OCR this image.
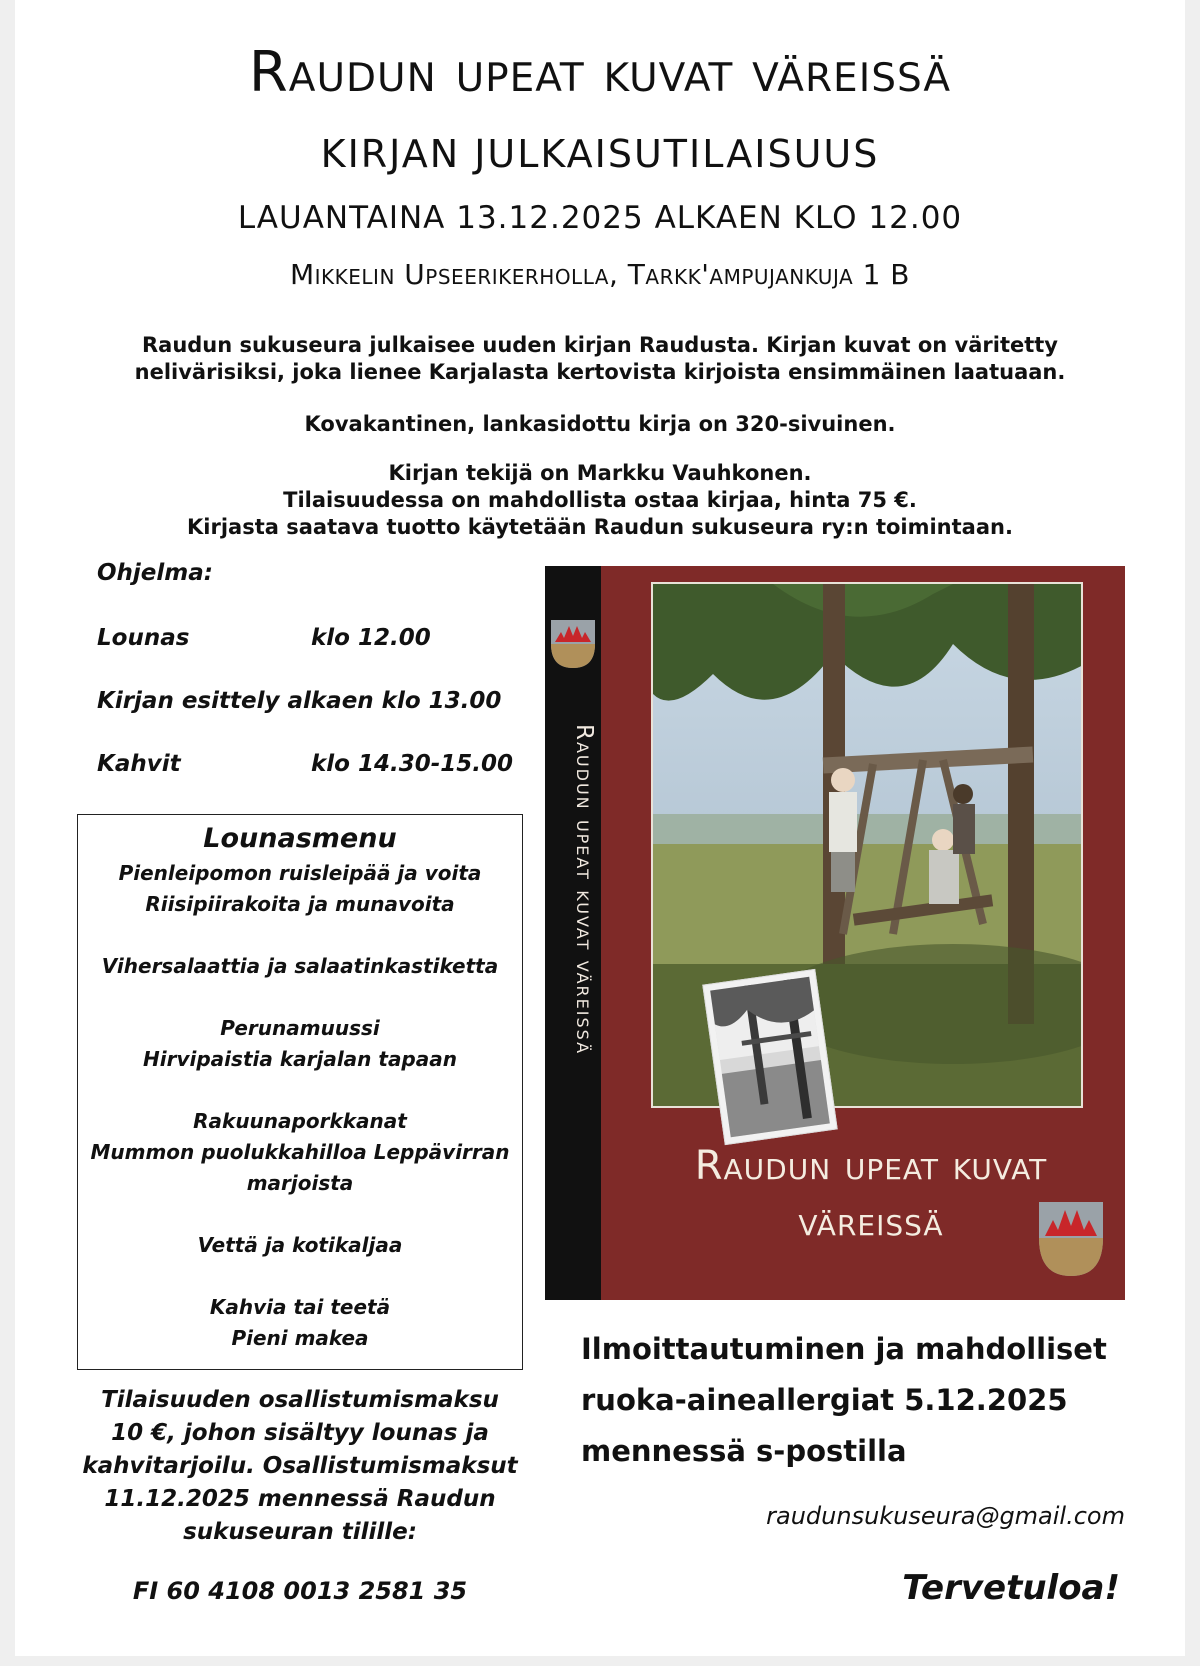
Raudun upeat kuvat väreissä
KIRJAN JULKAISUTILAISUUS
LAUANTAINA 13.12.2025 ALKAEN KLO 12.00
Mikkelin Upseerikerholla, Tarkk'ampujankuja 1 B
Raudun sukuseura julkaisee uuden kirjan Raudusta. Kirjan kuvat on väritetty
nelivärisiksi, joka lienee Karjalasta kertovista kirjoista ensimmäinen laatuaan.
Kovakantinen, lankasidottu kirja on 320-sivuinen.
Kirjan tekijä on Markku Vauhkonen.
Tilaisuudessa on mahdollista ostaa kirjaa, hinta 75 €.
Kirjasta saatava tuotto käytetään Raudun sukuseura ry:n toimintaan.
Ohjelma:
Lounas	klo 12.00
Kirjan esittely alkaen klo 13.00
Kahvit	klo 14.30-15.00
Lounasmenu
Pienleipomon ruisleipää ja voita
Riisipiirakoita ja munavoita

Vihersalaattia ja salaatinkastiketta

Perunamuussi
Hirvipaistia karjalan tapaan

Rakuunaporkkanat
Mummon puolukkahilloa Leppävirran
marjoista

Vettä ja kotikaljaa

Kahvia tai teetä
Pieni makea
Tilaisuuden osallistumismaksu
10 €, johon sisältyy lounas ja
kahvitarjoilu. Osallistumismaksut
11.12.2025 mennessä Raudun
sukuseuran tilille:
FI 60 4108 0013 2581 35
Raudun upeat kuvat väreissä
Raudun upeat kuvat
väreissä
Ilmoittautuminen ja mahdolliset
ruoka-aineallergiat 5.12.2025
mennessä s-postilla
raudunsukuseura@gmail.com
Tervetuloa!
